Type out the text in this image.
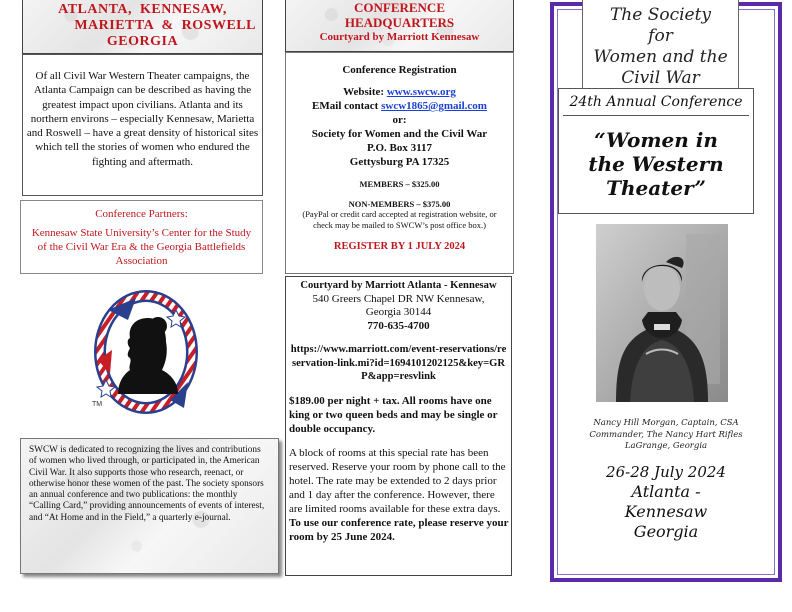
ATLANTA,  KENNESAW,
MARIETTA  &  ROSWELL
GEORGIA

Of all Civil War Western Theater campaigns, the Atlanta Campaign can be described as having the greatest impact upon civilians. Atlanta and its northern environs – especially Kennesaw, Marietta and Roswell – have a great density of historical sites which tell the stories of women who endured the fighting and aftermath.

Conference Partners:

Kennesaw State University’s Center for the Study of the Civil War Era & the Georgia Battlefields Association

TM

SWCW is dedicated to recognizing the lives and contributions of women who lived through, or participated in, the American Civil War. It also supports those who research, reenact, or otherwise honor these women of the past. The society sponsors an annual conference and two publications: the monthly “Calling Card,” providing announcements of events of interest, and “At Home and in the Field,” a quarterly e-journal.

CONFERENCE
HEADQUARTERS
Courtyard by Marriott Kennesaw

Conference Registration

Website: www.swcw.org

EMail contact swcw1865@gmail.com

or:

Society for Women and the Civil War

P.O. Box 3117

Gettysburg PA 17325

MEMBERS – $325.00

NON-MEMBERS – $375.00

(PayPal or credit card accepted at registration website, or check may be mailed to SWCW’s post office box.)

REGISTER BY 1 JULY 2024

Courtyard by Marriott Atlanta - Kennesaw

540 Greers Chapel DR NW Kennesaw,

Georgia 30144

770-635-4700

https://www.marriott.com/event-reservations/reservation-link.mi?id=1694101202125&key=GRP&app=resvlink

$189.00 per night + tax. All rooms have one king or two queen beds and may be single or double occupancy.

A block of rooms at this special rate has been reserved. Reserve your room by phone call to the hotel. The rate may be extended to 2 days prior and 1 day after the conference. However, there are limited rooms available for these extra days. To use our conference rate, please reserve your room by 25 June 2024.

The Society
for
Women and the
Civil War
24th Annual Conference
“Women in
the Western
Theater”
Nancy Hill Morgan, Captain, CSA
Commander, The Nancy Hart Rifles
LaGrange, Georgia
26-28 July 2024
Atlanta -
Kennesaw
Georgia
